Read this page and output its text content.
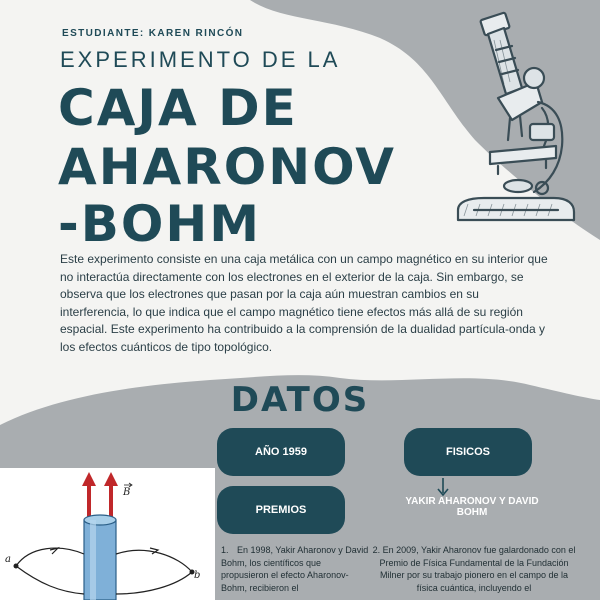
ESTUDIANTE: KAREN RINCÓN
EXPERIMENTO DE LA
CAJA DE
AHARONOV
-BOHM
Este experimento consiste en una caja metálica con un campo magnético en su interior que no interactúa directamente con los electrones en el exterior de la caja. Sin embargo, se observa que los electrones que pasan por la caja aún muestran cambios en su interferencia, lo que indica que el campo magnético tiene efectos más allá de su región espacial. Este experimento ha contribuido a la comprensión de la dualidad partícula-onda y los efectos cuánticos de tipo topológico.
DATOS
AÑO 1959	FISICOS
PREMIOS
YAKIR AHARONOV Y DAVID BOHM
1. En 1998, Yakir Aharonov y David Bohm, los científicos que propusieron el efecto Aharonov-Bohm, recibieron el
2. En 2009, Yakir Aharonov fue galardonado con el Premio de Física Fundamental de la Fundación Milner por su trabajo pionero en el campo de la física cuántica, incluyendo el
a
b
B
